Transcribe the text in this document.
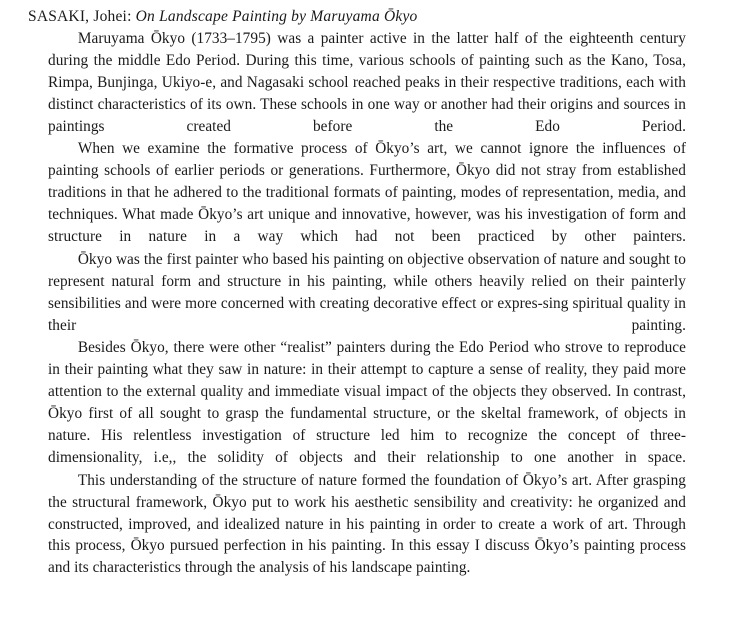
SASAKI, Johei: On Landscape Painting by Maruyama Ōkyo

Maruyama Ōkyo (1733–1795) was a painter active in the latter half of the eighteenth century during the middle Edo Period. During this time, various schools of painting such as the Kano, Tosa, Rimpa, Bunjinga, Ukiyo-e, and Nagasaki school reached peaks in their respective traditions, each with distinct characteristics of its own. These schools in one way or another had their origins and sources in paintings created before the Edo Period.

When we examine the formative process of Ōkyo’s art, we cannot ignore the influences of painting schools of earlier periods or generations. Furthermore, Ōkyo did not stray from established traditions in that he adhered to the traditional formats of painting, modes of representation, media, and techniques. What made Ōkyo’s art unique and innovative, however, was his investigation of form and structure in nature in a way which had not been practiced by other painters.

Ōkyo was the first painter who based his painting on objective observation of nature and sought to represent natural form and structure in his painting, while others heavily relied on their painterly sensibilities and were more concerned with creating decorative effect or expres-sing spiritual quality in their painting.

Besides Ōkyo, there were other “realist” painters during the Edo Period who strove to reproduce in their painting what they saw in nature: in their attempt to capture a sense of reality, they paid more attention to the external quality and immediate visual impact of the objects they observed. In contrast, Ōkyo first of all sought to grasp the fundamental structure, or the skeltal framework, of objects in nature. His relentless investigation of structure led him to recognize the concept of three-dimensionality, i.e,, the solidity of objects and their relationship to one another in space.

This understanding of the structure of nature formed the foundation of Ōkyo’s art. After grasping the structural framework, Ōkyo put to work his aesthetic sensibility and creativity: he organized and constructed, improved, and idealized nature in his painting in order to create a work of art. Through this process, Ōkyo pursued perfection in his painting. In this essay I discuss Ōkyo’s painting process and its characteristics through the analysis of his landscape painting.
